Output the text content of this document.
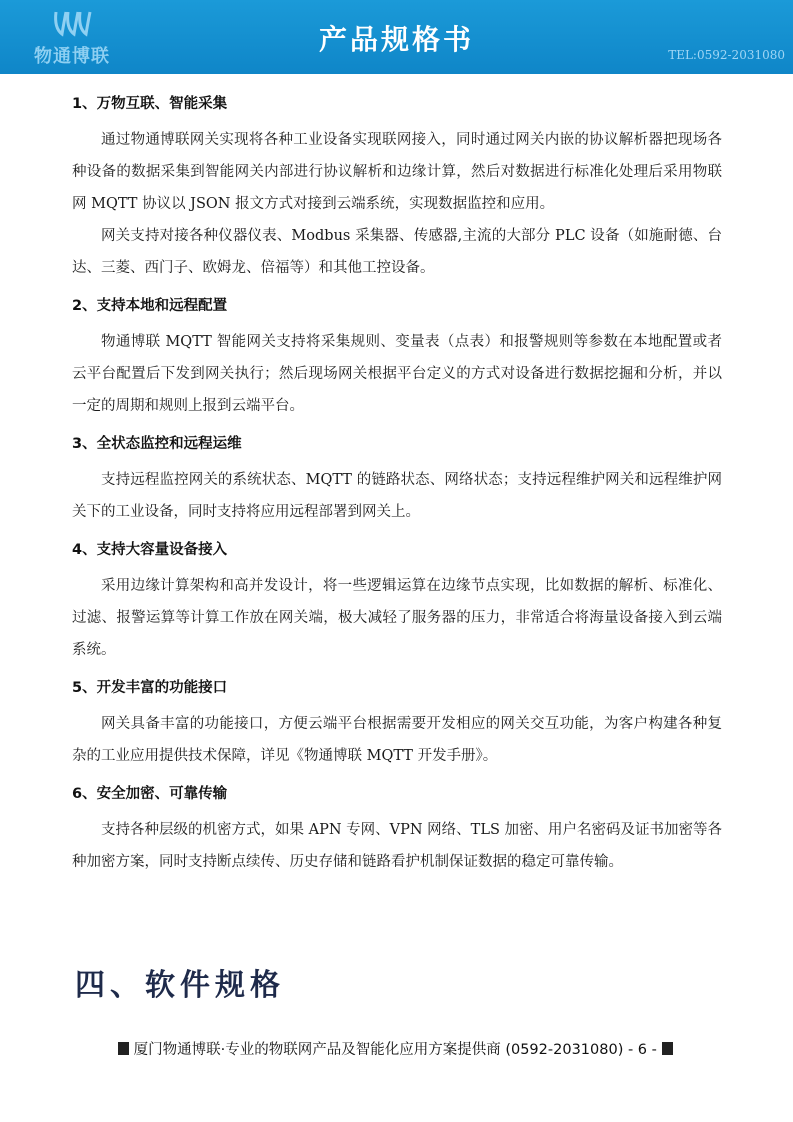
物通博联
产品规格书	TEL:0592-2031080
1、万物互联、智能采集

通过物通博联网关实现将各种工业设备实现联网接入，同时通过网关内嵌的协议解析器把现场各种设备的数据采集到智能网关内部进行协议解析和边缘计算，然后对数据进行标准化处理后采用物联网 MQTT 协议以 JSON 报文方式对接到云端系统，实现数据监控和应用。

网关支持对接各种仪器仪表、Modbus 采集器、传感器,主流的大部分 PLC 设备（如施耐德、台达、三菱、西门子、欧姆龙、倍福等）和其他工控设备。

2、支持本地和远程配置

物通博联 MQTT 智能网关支持将采集规则、变量表（点表）和报警规则等参数在本地配置或者云平台配置后下发到网关执行；然后现场网关根据平台定义的方式对设备进行数据挖掘和分析，并以一定的周期和规则上报到云端平台。

3、全状态监控和远程运维

支持远程监控网关的系统状态、MQTT 的链路状态、网络状态；支持远程维护网关和远程维护网关下的工业设备，同时支持将应用远程部署到网关上。

4、支持大容量设备接入

采用边缘计算架构和高并发设计，将一些逻辑运算在边缘节点实现，比如数据的解析、标准化、过滤、报警运算等计算工作放在网关端，极大减轻了服务器的压力，非常适合将海量设备接入到云端系统。

5、开发丰富的功能接口

网关具备丰富的功能接口，方便云端平台根据需要开发相应的网关交互功能，为客户构建各种复杂的工业应用提供技术保障，详见《物通博联 MQTT 开发手册》。

6、安全加密、可靠传输

支持各种层级的机密方式，如果 APN 专网、VPN 网络、TLS 加密、用户名密码及证书加密等各种加密方案，同时支持断点续传、历史存储和链路看护机制保证数据的稳定可靠传输。

四、软件规格
厦门物通博联·专业的物联网产品及智能化应用方案提供商 (0592-2031080) - 6 -
